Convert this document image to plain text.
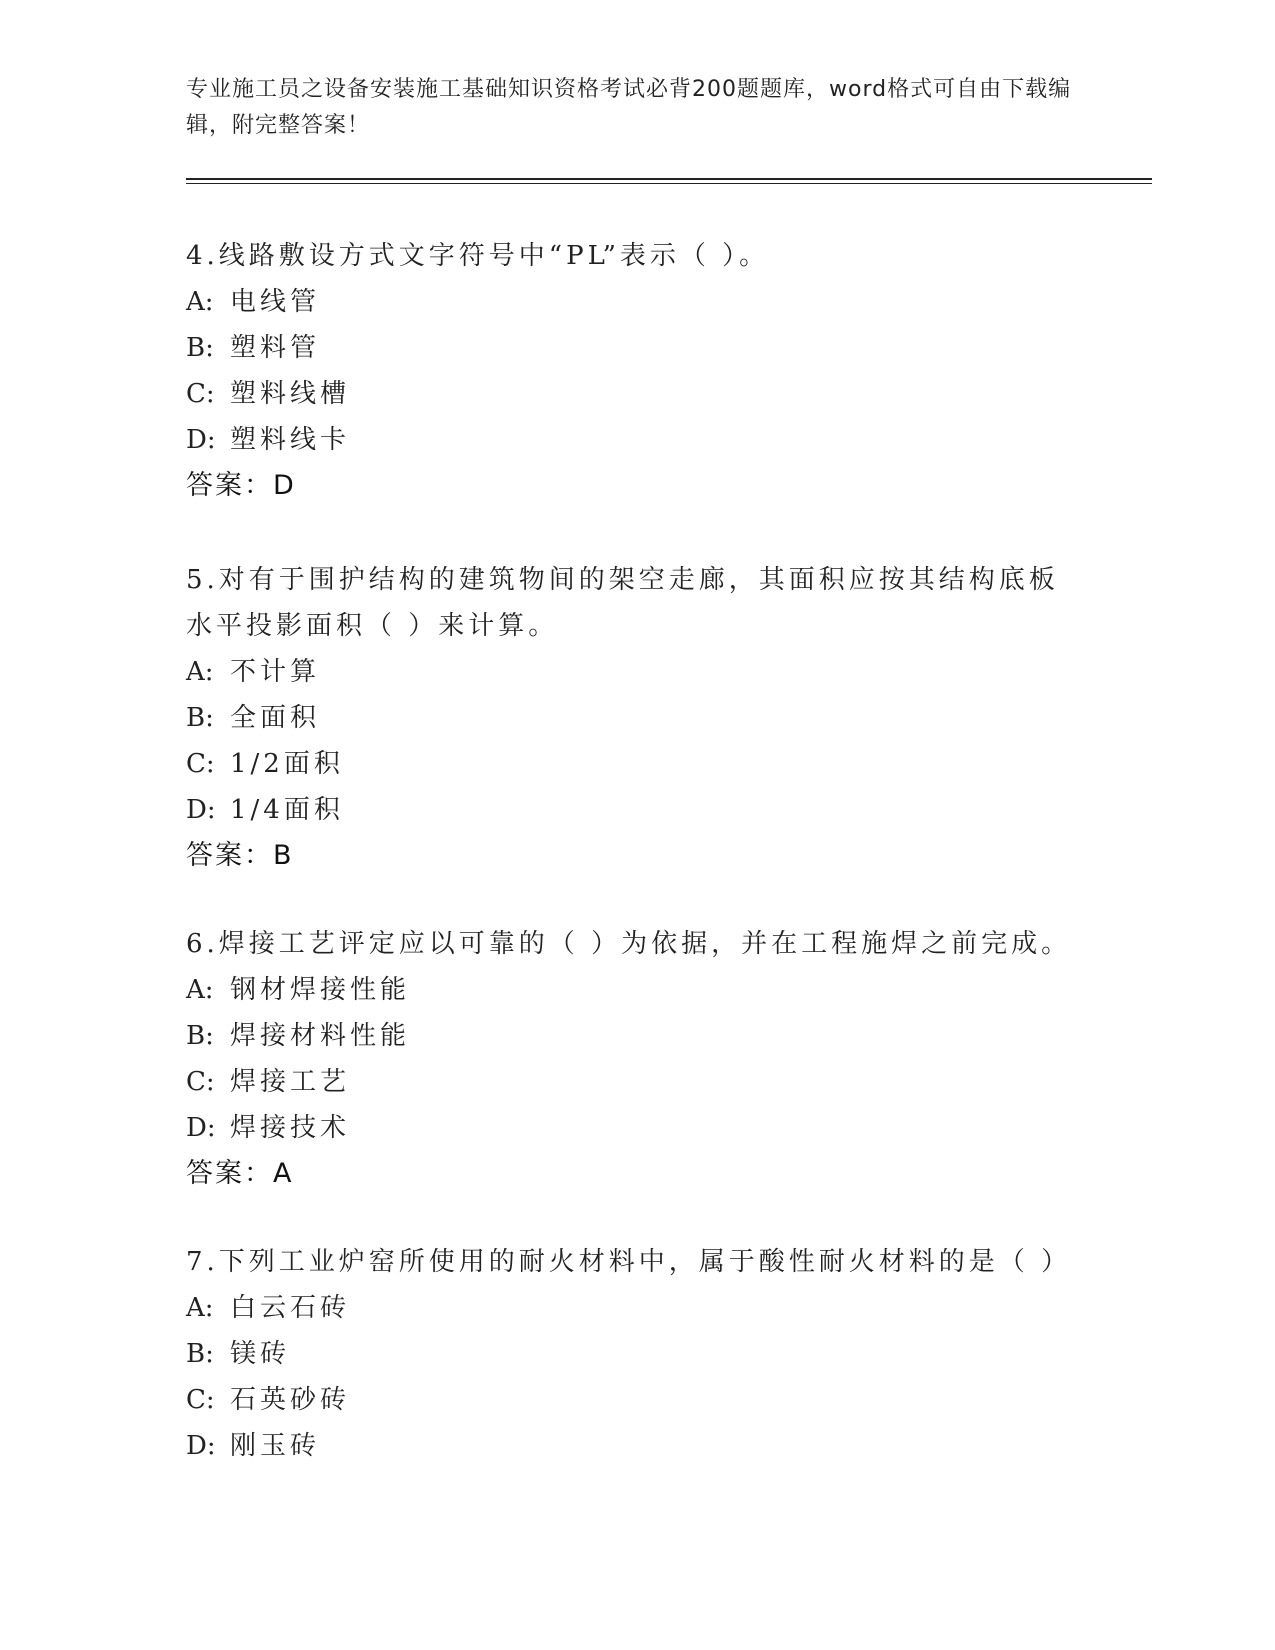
专业施工员之设备安装施工基础知识资格考试必背200题题库，word格式可自由下载编辑，附完整答案！

4.线路敷设方式文字符号中“PL”表示（ ）。

A: 电线管

B: 塑料管

C: 塑料线槽

D: 塑料线卡

答案：D

5.对有于围护结构的建筑物间的架空走廊，其面积应按其结构底板水平投影面积（ ）来计算。

A: 不计算

B: 全面积

C: 1/2面积

D: 1/4面积

答案：B

6.焊接工艺评定应以可靠的（ ）为依据，并在工程施焊之前完成。

A: 钢材焊接性能

B: 焊接材料性能

C: 焊接工艺

D: 焊接技术

答案：A

7.下列工业炉窑所使用的耐火材料中，属于酸性耐火材料的是（ ）

A: 白云石砖

B: 镁砖

C: 石英砂砖

D: 刚玉砖
